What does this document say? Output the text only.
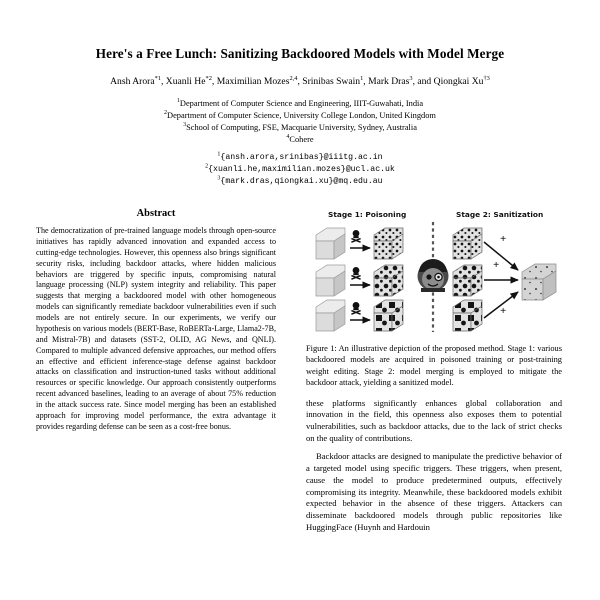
Here's a Free Lunch: Sanitizing Backdoored Models with Model Merge
Ansh Arora$^{*1}$, Xuanli He$^{*2}$, Maximilian Mozes$^{2,4}$, Srinibas Swain$^1$, Mark Dras$^3$, and Qiongkai Xu$^{\dagger 3}$
$^1$Department of Computer Science and Engineering, IIIT-Guwahati, India
$^2$Department of Computer Science, University College London, United Kingdom
$^3$School of Computing, FSE, Macquarie University, Sydney, Australia
$^4$Cohere
$^1${ansh.arora,srinibas}@iiitg.ac.in
$^2${xuanli.he,maximilian.mozes}@ucl.ac.uk
$^3${mark.dras,qiongkai.xu}@mq.edu.au
Abstract

The democratization of pre-trained language models through open-source initiatives has rapidly advanced innovation and expanded access to cutting-edge technologies. However, this openness also brings significant security risks, including backdoor attacks, where hidden malicious behaviors are triggered by specific inputs, compromising natural language processing (NLP) system integrity and reliability. This paper suggests that merging a backdoored model with other homogeneous models can significantly remediate backdoor vulnerabilities even if such models are not entirely secure. In our experiments, we verify our hypothesis on various models (BERT-Base, RoBERTa-Large, Llama2-7B, and Mistral-7B) and datasets (SST-2, OLID, AG News, and QNLI). Compared to multiple advanced defensive approaches, our method offers an effective and efficient inference-stage defense against backdoor attacks on classification and instruction-tuned tasks without additional resources or specific knowledge. Our approach consistently outperforms recent advanced baselines, leading to an average of about 75% reduction in the attack success rate. Since model merging has been an established approach for improving model performance, the extra advantage it provides regarding defense can be seen as a cost-free bonus.

Stage 1: Poisoning	Stage 2: Sanitization
+
+
+
Figure 1: An illustrative depiction of the proposed method. Stage 1: various backdoored models are acquired in poisoned training or post-training weight editing. Stage 2: model merging is employed to mitigate the backdoor attack, yielding a sanitized model.

these platforms significantly enhances global collaboration and innovation in the field, this openness also exposes them to potential vulnerabilities, such as backdoor attacks, due to the lack of strict checks on the quality of contributions.

Backdoor attacks are designed to manipulate the predictive behavior of a targeted model using specific triggers. These triggers, when present, cause the model to produce predetermined outputs, effectively compromising its integrity. Meanwhile, these backdoored models exhibit expected behavior in the absence of these triggers. Attackers can disseminate backdoored models through public repositories like HuggingFace (Huynh and Hardouin
